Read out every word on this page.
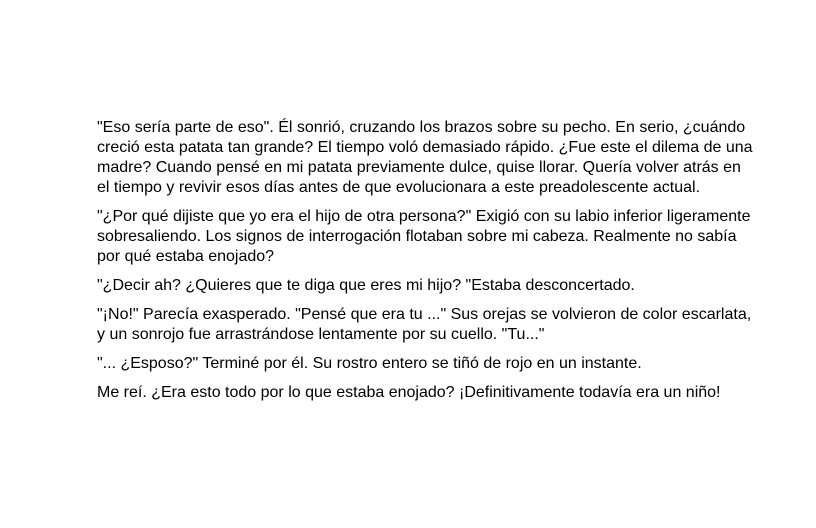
"Eso sería parte de eso". Él sonrió, cruzando los brazos sobre su pecho. En serio, ¿cuándo creció esta patata tan grande? El tiempo voló demasiado rápido. ¿Fue este el dilema de una madre? Cuando pensé en mi patata previamente dulce, quise llorar. Quería volver atrás en el tiempo y revivir esos días antes de que evolucionara a este preadolescente actual.

"¿Por qué dijiste que yo era el hijo de otra persona?" Exigió con su labio inferior ligeramente sobresaliendo. Los signos de interrogación flotaban sobre mi cabeza. Realmente no sabía por qué estaba enojado?

"¿Decir ah? ¿Quieres que te diga que eres mi hijo? "Estaba desconcertado.

"¡No!" Parecía exasperado. "Pensé que era tu ..." Sus orejas se volvieron de color escarlata, y un sonrojo fue arrastrándose lentamente por su cuello. "Tu..."

"... ¿Esposo?" Terminé por él. Su rostro entero se tiñó de rojo en un instante.

Me reí. ¿Era esto todo por lo que estaba enojado? ¡Definitivamente todavía era un niño!
